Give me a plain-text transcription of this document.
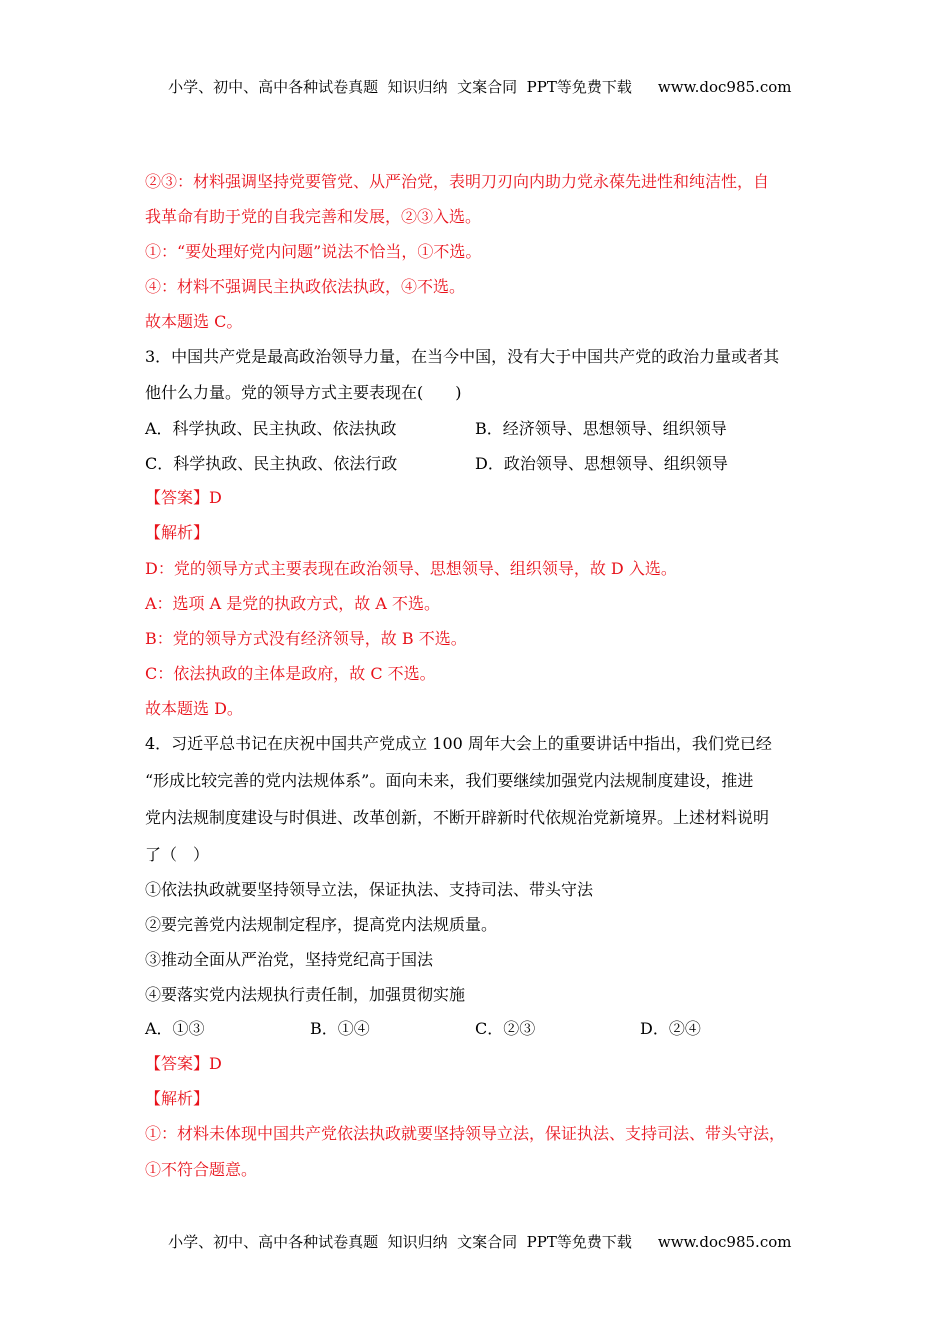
小学、初中、高中各种试卷真题  知识归纳  文案合同  PPT等免费下载 www.doc985.com

②③：材料强调坚持党要管党、从严治党，表明刀刃向内助力党永葆先进性和纯洁性，自
我革命有助于党的自我完善和发展，②③入选。
①：“要处理好党内问题”说法不恰当，①不选。
④：材料不强调民主执政依法执政，④不选。
故本题选 C。
3．中国共产党是最高政治领导力量，在当今中国，没有大于中国共产党的政治力量或者其
他什么力量。党的领导方式主要表现在(　　)
A．科学执政、民主执政、依法执政	B．经济领导、思想领导、组织领导
C．科学执政、民主执政、依法行政	D．政治领导、思想领导、组织领导
【答案】D
【解析】
D：党的领导方式主要表现在政治领导、思想领导、组织领导，故 D 入选。
A：选项 A 是党的执政方式，故 A 不选。
B：党的领导方式没有经济领导，故 B 不选。
C：依法执政的主体是政府，故 C 不选。
故本题选 D。
4．习近平总书记在庆祝中国共产党成立 100 周年大会上的重要讲话中指出，我们党已经
“形成比较完善的党内法规体系”。面向未来，我们要继续加强党内法规制度建设，推进
党内法规制度建设与时俱进、改革创新，不断开辟新时代依规治党新境界。上述材料说明
了（　）
①依法执政就要坚持领导立法，保证执法、支持司法、带头守法
②要完善党内法规制定程序，提高党内法规质量。
③推动全面从严治党，坚持党纪高于国法
④要落实党内法规执行责任制，加强贯彻实施
A．①③	B．①④	C．②③	D．②④
【答案】D
【解析】
①：材料未体现中国共产党依法执政就要坚持领导立法，保证执法、支持司法、带头守法，
①不符合题意。

小学、初中、高中各种试卷真题  知识归纳  文案合同  PPT等免费下载 www.doc985.com
